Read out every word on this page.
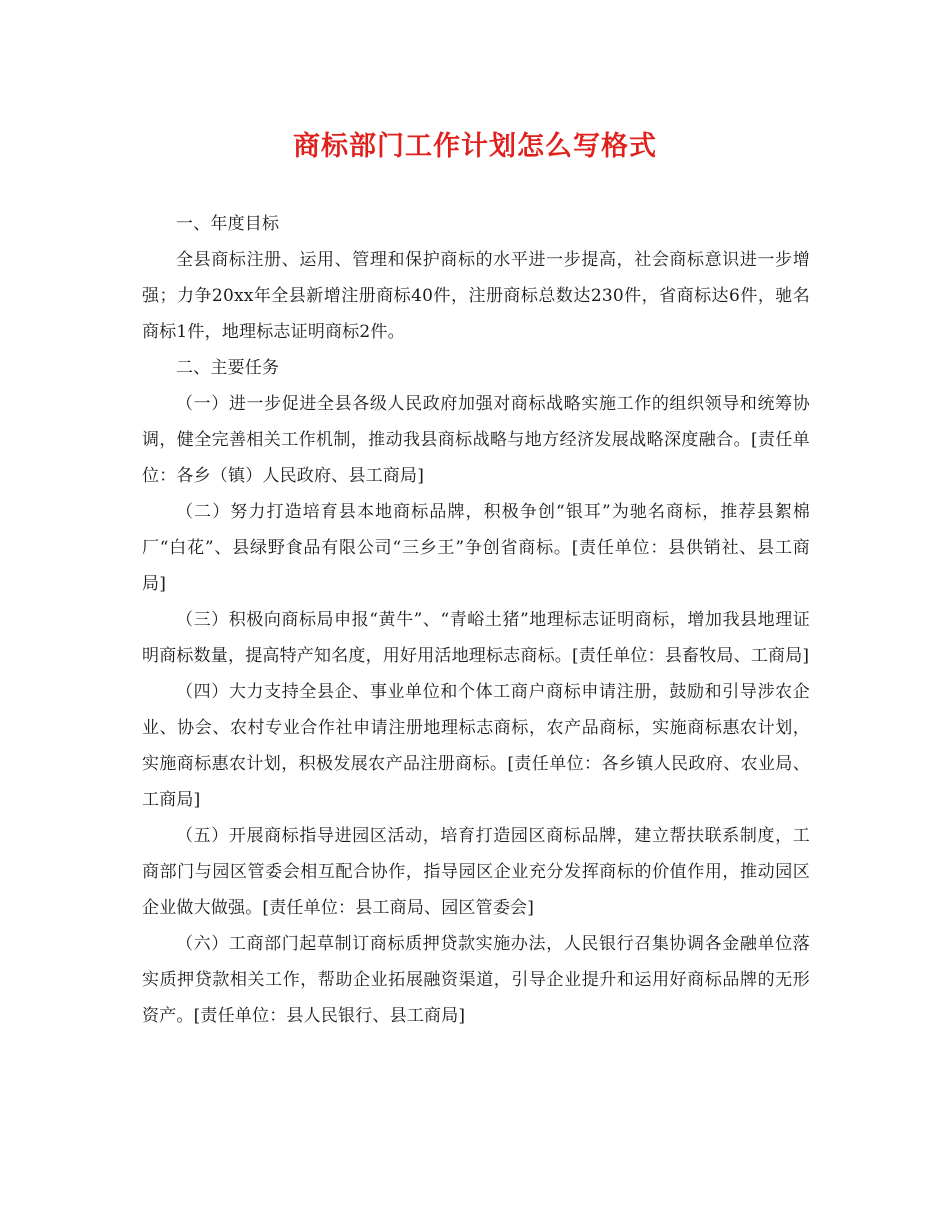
商标部门工作计划怎么写格式

一、年度目标

全县商标注册、运用、管理和保护商标的水平进一步提高，社会商标意识进一步增强；力争20xx年全县新增注册商标40件，注册商标总数达230件，省商标达6件，驰名商标1件，地理标志证明商标2件。

二、主要任务

（一）进一步促进全县各级人民政府加强对商标战略实施工作的组织领导和统筹协调，健全完善相关工作机制，推动我县商标战略与地方经济发展战略深度融合。[责任单位：各乡（镇）人民政府、县工商局]

（二）努力打造培育县本地商标品牌，积极争创“银耳”为驰名商标，推荐县絮棉厂“白花”、县绿野食品有限公司“三乡王”争创省商标。[责任单位：县供销社、县工商局]

（三）积极向商标局申报“黄牛”、“青峪土猪”地理标志证明商标，增加我县地理证明商标数量，提高特产知名度，用好用活地理标志商标。[责任单位：县畜牧局、工商局]

（四）大力支持全县企、事业单位和个体工商户商标申请注册，鼓励和引导涉农企业、协会、农村专业合作社申请注册地理标志商标，农产品商标，实施商标惠农计划，实施商标惠农计划，积极发展农产品注册商标。[责任单位：各乡镇人民政府、农业局、工商局]

（五）开展商标指导进园区活动，培育打造园区商标品牌，建立帮扶联系制度，工商部门与园区管委会相互配合协作，指导园区企业充分发挥商标的价值作用，推动园区企业做大做强。[责任单位：县工商局、园区管委会]

（六）工商部门起草制订商标质押贷款实施办法，人民银行召集协调各金融单位落实质押贷款相关工作，帮助企业拓展融资渠道，引导企业提升和运用好商标品牌的无形资产。[责任单位：县人民银行、县工商局]
